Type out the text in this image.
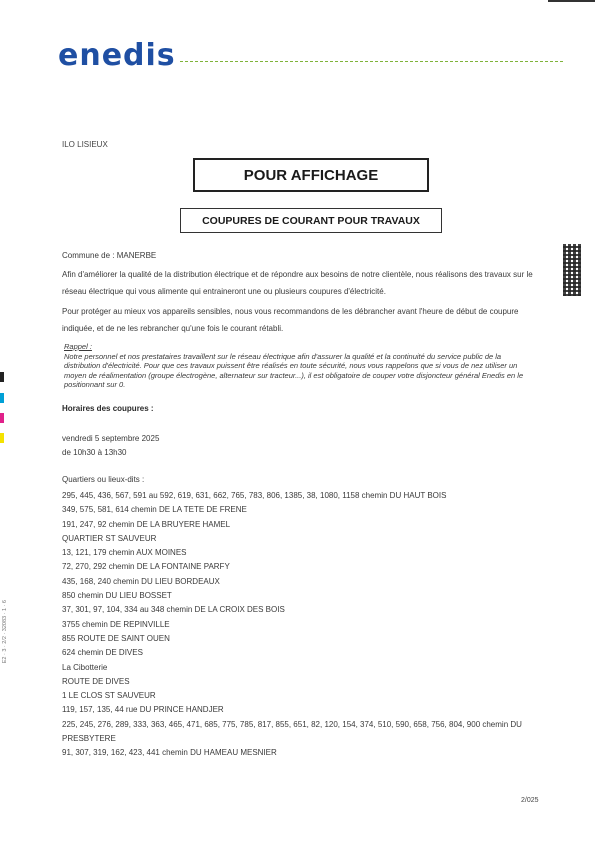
enedis
ILO LISIEUX
POUR AFFICHAGE
COUPURES DE COURANT POUR TRAVAUX
Commune de : MANERBE
Afin d'améliorer la qualité de la distribution électrique et de répondre aux besoins de notre clientèle, nous réalisons des travaux sur le réseau électrique qui vous alimente qui entraineront une ou plusieurs coupures d'électricité.
Pour protéger au mieux vos appareils sensibles, nous vous recommandons de les débrancher avant l'heure de début de coupure indiquée, et de ne les rebrancher qu'une fois le courant rétabli.
Rappel :
Notre personnel et nos prestataires travaillent sur le réseau électrique afin d'assurer la qualité et la continuité du service public de la distribution d'électricité. Pour que ces travaux puissent être réalisés en toute sécurité, nous vous rappelons que si vous de nez utiliser un moyen de réalimentation (groupe électrogène, alternateur sur tracteur...), il est obligatoire de couper votre disjoncteur général Enedis en le positionnant sur 0.
Horaires des coupures :
vendredi 5 septembre 2025
de 10h30 à 13h30
Quartiers ou lieux-dits :
295, 445, 436, 567, 591 au 592, 619, 631, 662, 765, 783, 806, 1385, 38, 1080, 1158 chemin DU HAUT BOIS
349, 575, 581, 614 chemin DE LA TETE DE FRENE
191, 247, 92 chemin DE LA BRUYERE HAMEL
QUARTIER ST SAUVEUR
13, 121, 179 chemin AUX MOINES
72, 270, 292 chemin DE LA FONTAINE PARFY
435, 168, 240 chemin DU LIEU BORDEAUX
850 chemin DU LIEU BOSSET
37, 301, 97, 104, 334 au 348 chemin DE LA CROIX DES BOIS
3755 chemin DE REPINVILLE
855 ROUTE DE SAINT OUEN
624 chemin DE DIVES
La Cibotterie
ROUTE DE DIVES
1 LE CLOS ST SAUVEUR
119, 157, 135, 44 rue DU PRINCE HANDJER
225, 245, 276, 289, 333, 363, 465, 471, 685, 775, 785, 817, 855, 651, 82, 120, 154, 374, 510, 590, 658, 756, 804, 900 chemin DU PRESBYTERE
91, 307, 319, 162, 423, 441 chemin DU HAMEAU MESNIER
2/025
E2 · 3 · 2/2 · 32083 · 1 · 6
